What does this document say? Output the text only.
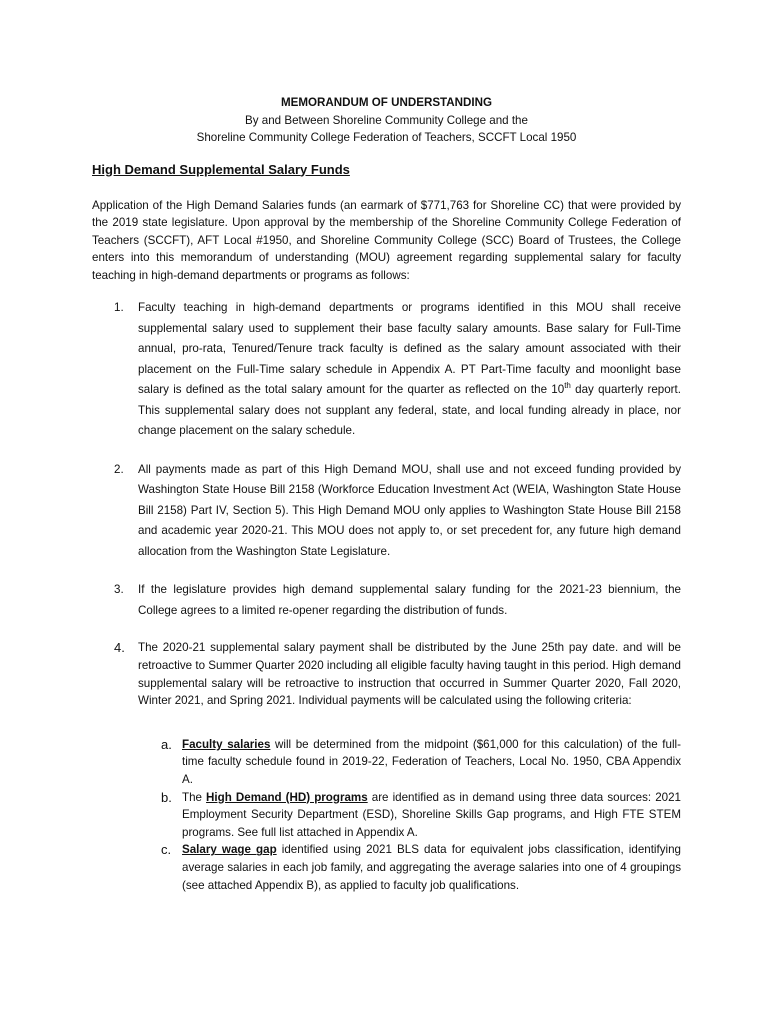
MEMORANDUM OF UNDERSTANDING
By and Between Shoreline Community College and the
Shoreline Community College Federation of Teachers, SCCFT Local 1950
High Demand Supplemental Salary Funds

Application of the High Demand Salaries funds (an earmark of $771,763 for Shoreline CC) that were provided by the 2019 state legislature. Upon approval by the membership of the Shoreline Community College Federation of Teachers (SCCFT), AFT Local #1950, and Shoreline Community College (SCC) Board of Trustees, the College enters into this memorandum of understanding (MOU) agreement regarding supplemental salary for faculty teaching in high-demand departments or programs as follows:

1. Faculty teaching in high-demand departments or programs identified in this MOU shall receive supplemental salary used to supplement their base faculty salary amounts. Base salary for Full-Time annual, pro-rata, Tenured/Tenure track faculty is defined as the salary amount associated with their placement on the Full-Time salary schedule in Appendix A. PT Part-Time faculty and moonlight base salary is defined as the total salary amount for the quarter as reflected on the 10th day quarterly report. This supplemental salary does not supplant any federal, state, and local funding already in place, nor change placement on the salary schedule.
2. All payments made as part of this High Demand MOU, shall use and not exceed funding provided by Washington State House Bill 2158 (Workforce Education Investment Act (WEIA, Washington State House Bill 2158) Part IV, Section 5). This High Demand MOU only applies to Washington State House Bill 2158 and academic year 2020-21. This MOU does not apply to, or set precedent for, any future high demand allocation from the Washington State Legislature.
3. If the legislature provides high demand supplemental salary funding for the 2021-23 biennium, the College agrees to a limited re-opener regarding the distribution of funds.
4. The 2020-21 supplemental salary payment shall be distributed by the June 25th pay date. and will be retroactive to Summer Quarter 2020 including all eligible faculty having taught in this period. High demand supplemental salary will be retroactive to instruction that occurred in Summer Quarter 2020, Fall 2020, Winter 2021, and Spring 2021. Individual payments will be calculated using the following criteria:
a. Faculty salaries will be determined from the midpoint ($61,000 for this calculation) of the full-time faculty schedule found in 2019-22, Federation of Teachers, Local No. 1950, CBA Appendix A.
b. The High Demand (HD) programs are identified as in demand using three data sources: 2021 Employment Security Department (ESD), Shoreline Skills Gap programs, and High FTE STEM programs. See full list attached in Appendix A.
c. Salary wage gap identified using 2021 BLS data for equivalent jobs classification, identifying average salaries in each job family, and aggregating the average salaries into one of 4 groupings (see attached Appendix B), as applied to faculty job qualifications.
